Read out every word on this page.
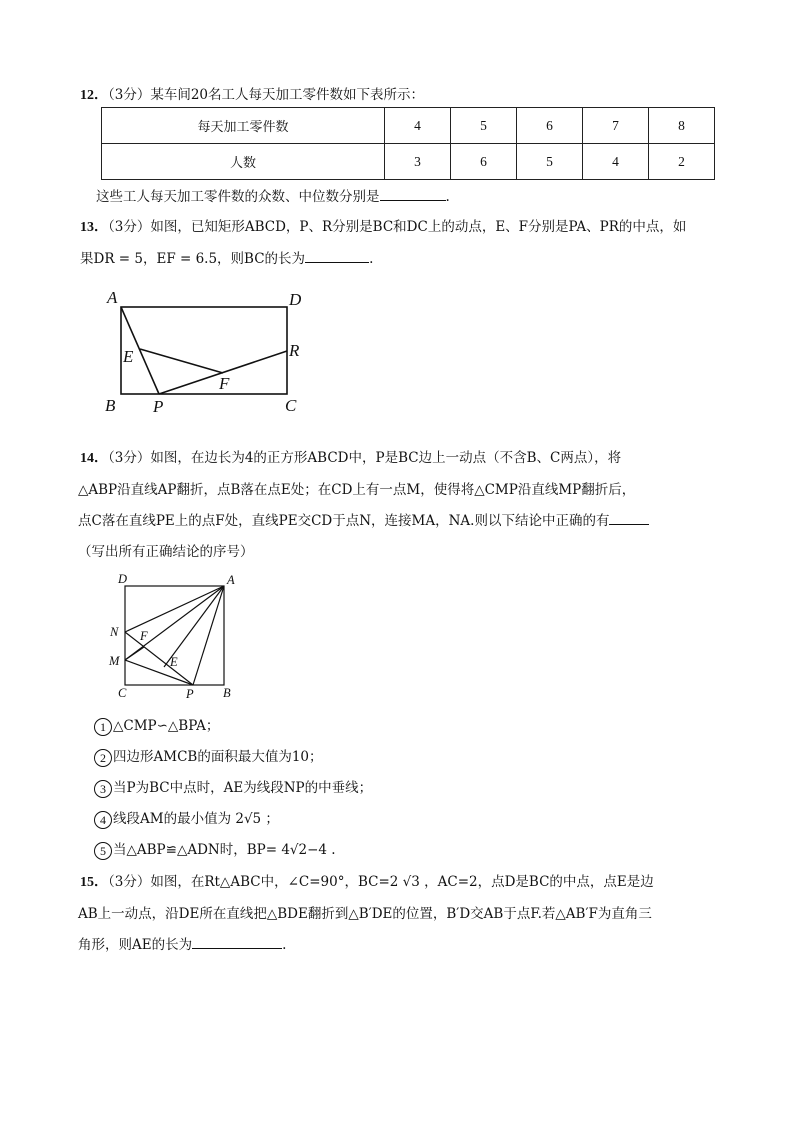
12．（3分）某车间20名工人每天加工零件数如下表所示：
每天加工零件数	4	5	6	7	8
人数	3	6	5	4	2
这些工人每天加工零件数的众数、中位数分别是	.
13．（3分）如图，已知矩形ABCD，P、R分别是BC和DC上的动点，E、F分别是PA、PR的中点，如
果DR = 5，EF = 6.5，则BC的长为	.
A	D
E	R
F
B P	C
14．（3分）如图，在边长为4的正方形ABCD中，P是BC边上一动点（不含B、C两点），将
△ABP沿直线AP翻折，点B落在点E处；在CD上有一点M，使得将△CMP沿直线MP翻折后，
点C落在直线PE上的点F处，直线PE交CD于点N，连接MA，NA.则以下结论中正确的有
（写出所有正确结论的序号）
D	A
N F
M	E
C	P B
1 △CMP∽△BPA；
2 四边形AMCB的面积最大值为10；
3 当P为BC中点时，AE为线段NP的中垂线；
4 线段AM的最小值为 2√5 ；
5 当△ABP≌△ADN时，BP= 4√2−4 .
15．（3分）如图，在Rt△ABC中，∠C=90°，BC=2 √3 ，AC=2，点D是BC的中点，点E是边
AB上一动点，沿DE所在直线把△BDE翻折到△B′DE的位置，B′D交AB于点F.若△AB′F为直角三
角形，则AE的长为	.
